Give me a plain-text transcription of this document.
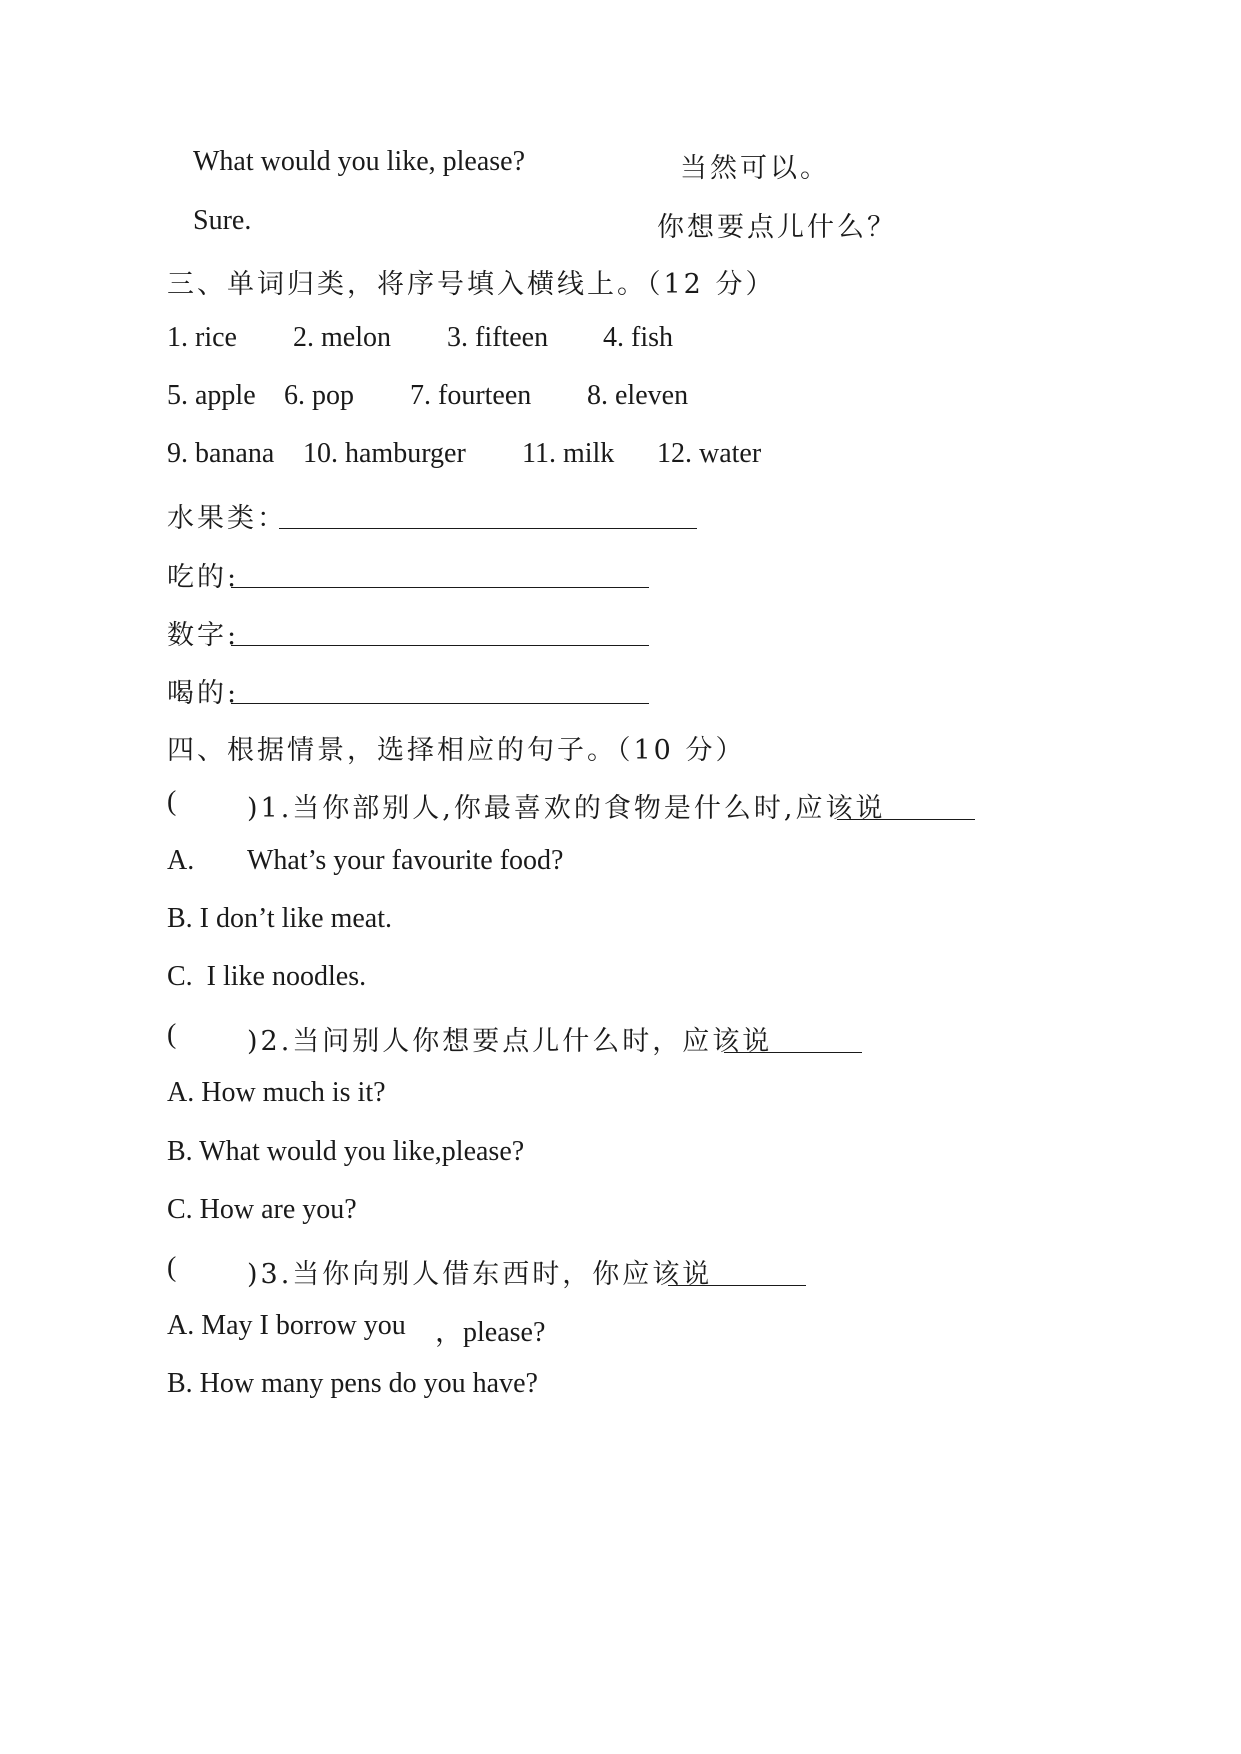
What would you like, please?	当然可以。
Sure.	你想要点儿什么？
三、单词归类，将序号填入横线上。（12 分）
1. rice 2. melon 3. fifteen 4. fish
5. apple 6. pop 7. fourteen 8. eleven
9. banana 10. hamburger 11. milk 12. water
水果类：
吃的:
数字:
喝的:
四、根据情景，选择相应的句子。（10 分）
(	)1.当你部别人,你最喜欢的食物是什么时,应该说
A. What’s your favourite food?
B. I don’t like meat.
C.  I like noodles.
(	)2.当问别人你想要点儿什么时，应该说
A. How much is it?
B. What would you like,please?
C. How are you?
(	)3.当你向别人借东西时，你应该说
A. May I borrow you ，please?
B. How many pens do you have?
